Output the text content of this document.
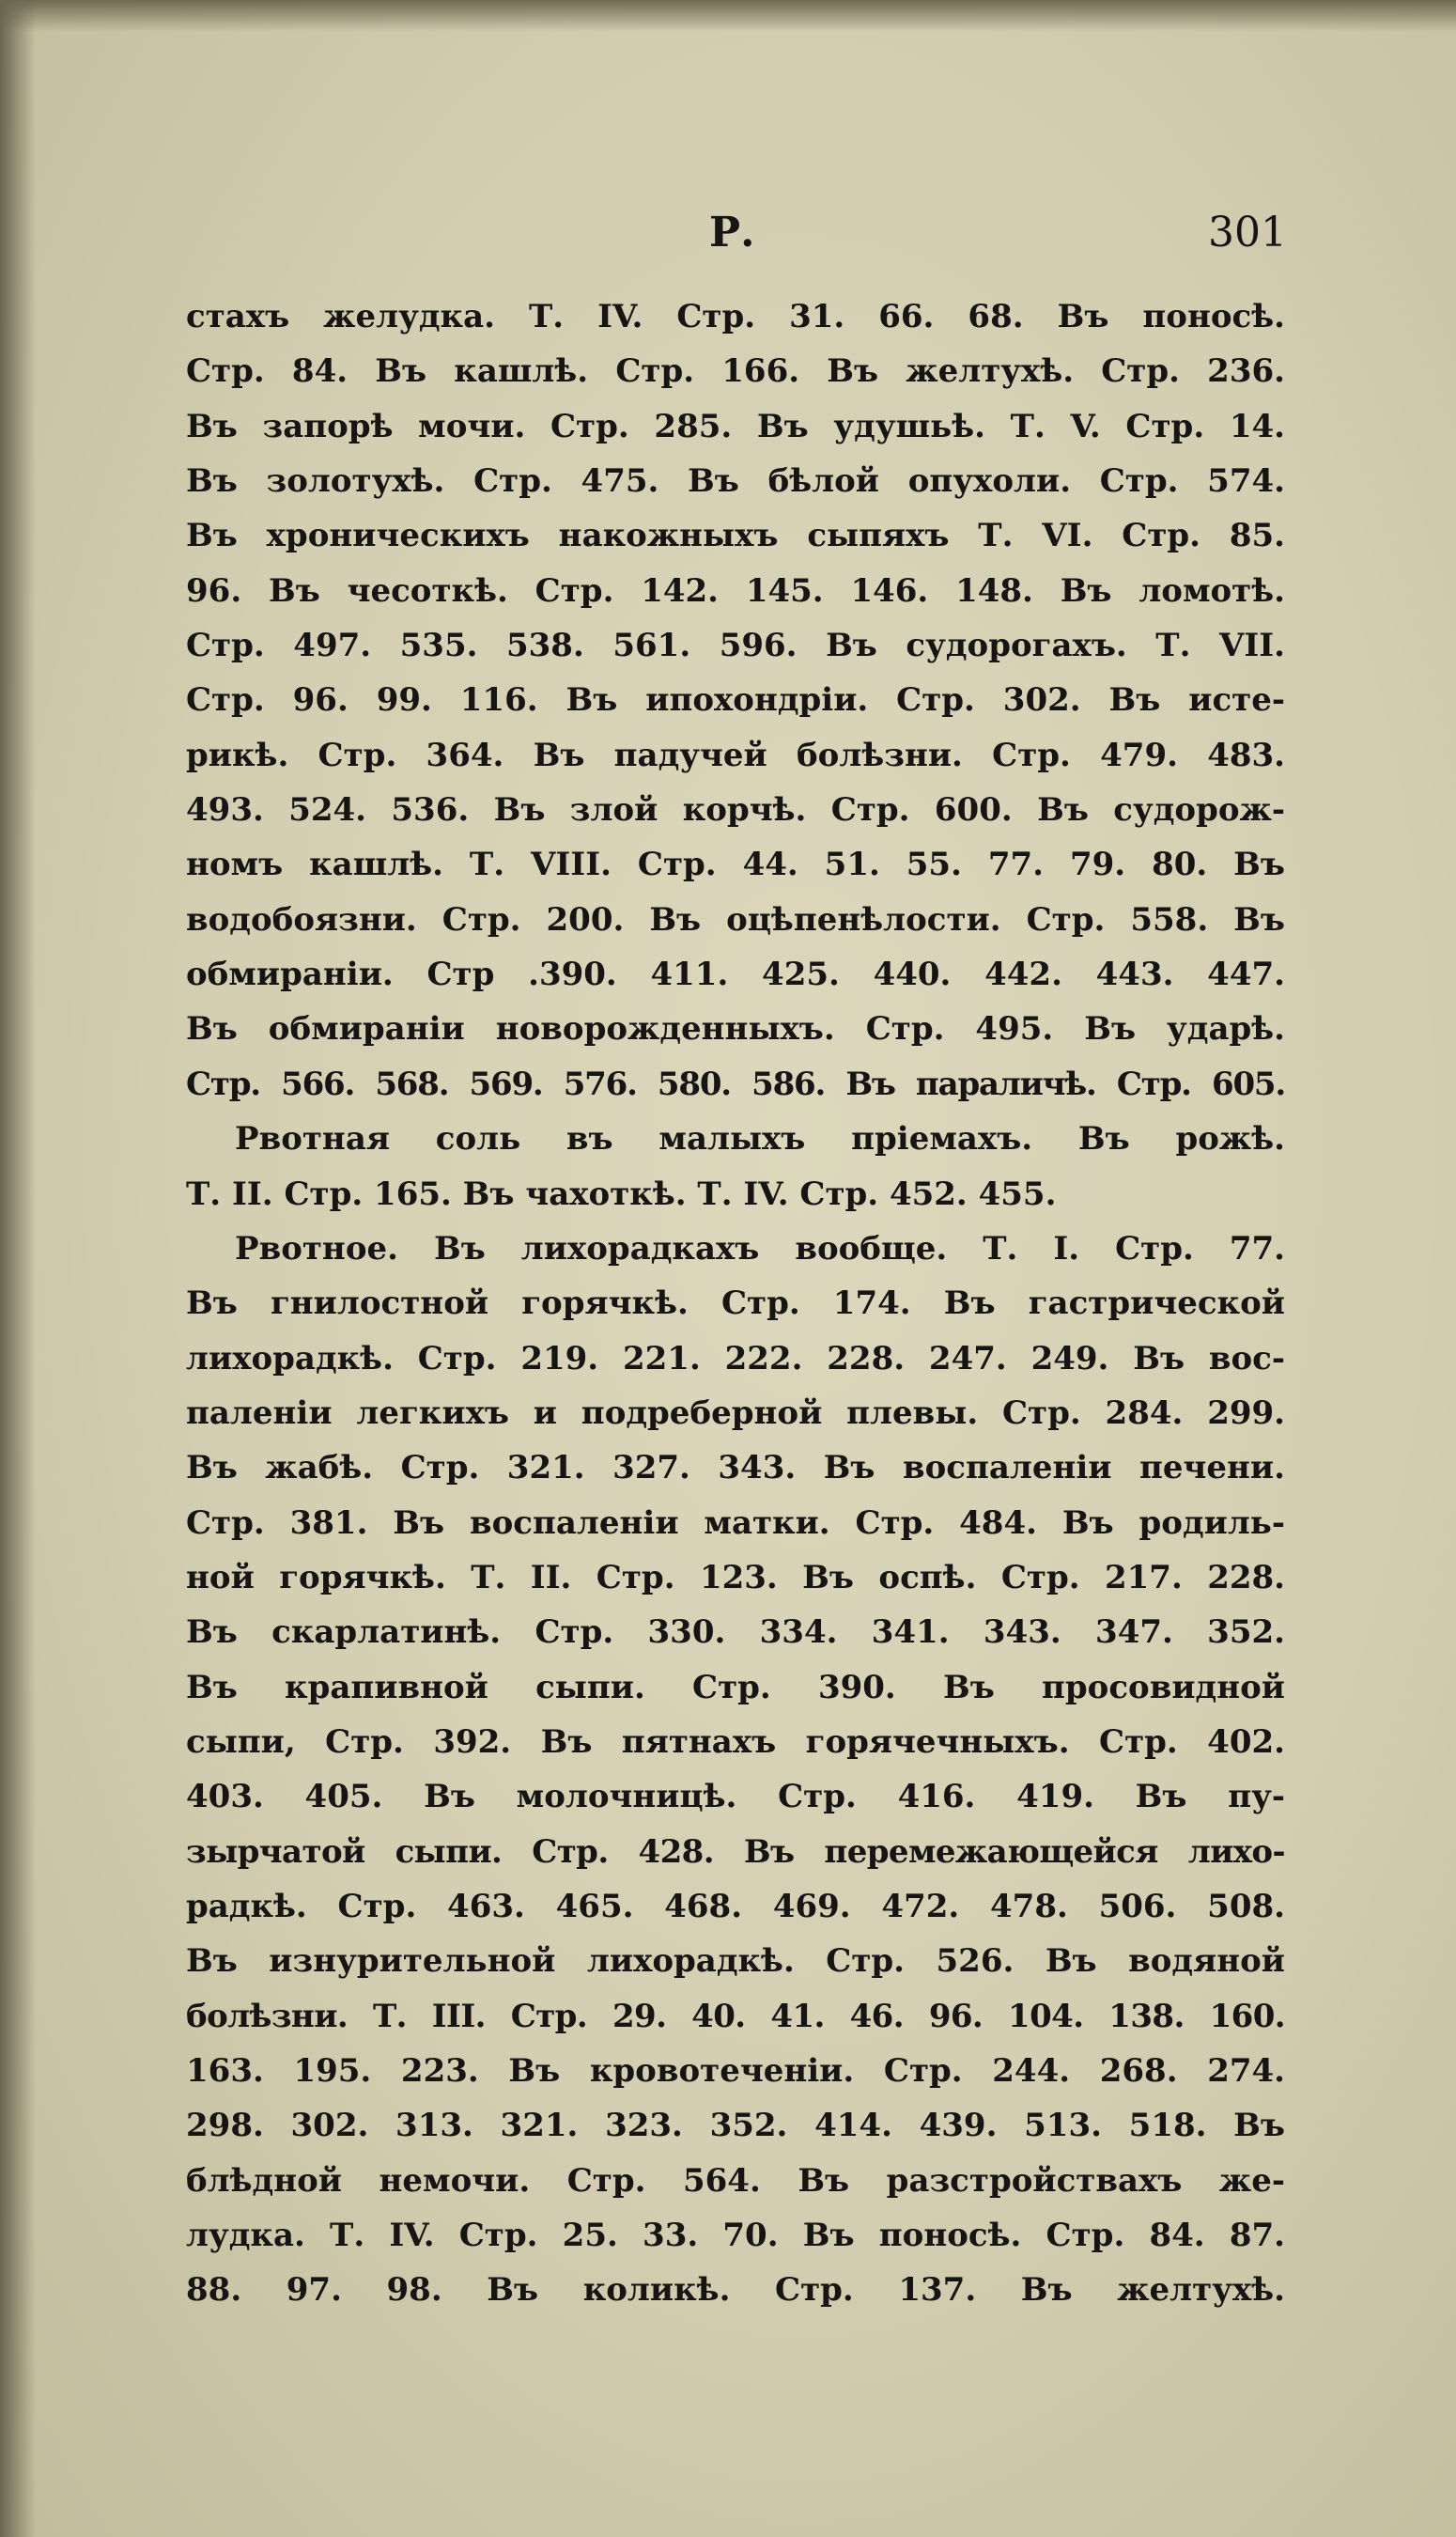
Р.	301
стахъ желудка. Т. IV. Стр. 31. 66. 68. Въ поносѣ.
Стр. 84. Въ кашлѣ. Стр. 166. Въ желтухѣ. Стр. 236.
Въ запорѣ мочи. Стр. 285. Въ удушьѣ. Т. V. Стр. 14.
Въ золотухѣ. Стр. 475. Въ бѣлой опухоли. Стр. 574.
Въ хроническихъ накожныхъ сыпяхъ Т. VI. Стр. 85.
96. Въ чесоткѣ. Стр. 142. 145. 146. 148. Въ ломотѣ.
Стр. 497. 535. 538. 561. 596. Въ судорогахъ. Т. VII.
Стр. 96. 99. 116. Въ ипохондріи. Стр. 302. Въ исте-
рикѣ. Стр. 364. Въ падучей болѣзни. Стр. 479. 483.
493. 524. 536. Въ злой корчѣ. Стр. 600. Въ судорож-
номъ кашлѣ. Т. VIII. Стр. 44. 51. 55. 77. 79. 80. Въ
водобоязни. Стр. 200. Въ оцѣпенѣлости. Стр. 558. Въ
обмираніи. Стр .390. 411. 425. 440. 442. 443. 447.
Въ обмираніи новорожденныхъ. Стр. 495. Въ ударѣ.
Стр. 566. 568. 569. 576. 580. 586. Въ параличѣ. Стр. 605.
Рвотная соль въ малыхъ пріемахъ. Въ рожѣ.
Т. II. Стр. 165. Въ чахоткѣ. Т. IV. Стр. 452. 455.
Рвотное. Въ лихорадкахъ вообще. Т. I. Стр. 77.
Въ гнилостной горячкѣ. Стр. 174. Въ гастрической
лихорадкѣ. Стр. 219. 221. 222. 228. 247. 249. Въ вос-
паленіи легкихъ и подреберной плевы. Стр. 284. 299.
Въ жабѣ. Стр. 321. 327. 343. Въ воспаленіи печени.
Стр. 381. Въ воспаленіи матки. Стр. 484. Въ родиль-
ной горячкѣ. Т. II. Стр. 123. Въ оспѣ. Стр. 217. 228.
Въ скарлатинѣ. Стр. 330. 334. 341. 343. 347. 352.
Въ крапивной сыпи. Стр. 390. Въ просовидной
сыпи, Стр. 392. Въ пятнахъ горячечныхъ. Стр. 402.
403. 405. Въ молочницѣ. Стр. 416. 419. Въ пу-
зырчатой сыпи. Стр. 428. Въ перемежающейся лихо-
радкѣ. Стр. 463. 465. 468. 469. 472. 478. 506. 508.
Въ изнурительной лихорадкѣ. Стр. 526. Въ водяной
болѣзни. Т. III. Стр. 29. 40. 41. 46. 96. 104. 138. 160.
163. 195. 223. Въ кровотеченіи. Стр. 244. 268. 274.
298. 302. 313. 321. 323. 352. 414. 439. 513. 518. Въ
блѣдной немочи. Стр. 564. Въ разстройствахъ же-
лудка. Т. IV. Стр. 25. 33. 70. Въ поносѣ. Стр. 84. 87.
88. 97. 98. Въ коликѣ. Стр. 137. Въ желтухѣ.
